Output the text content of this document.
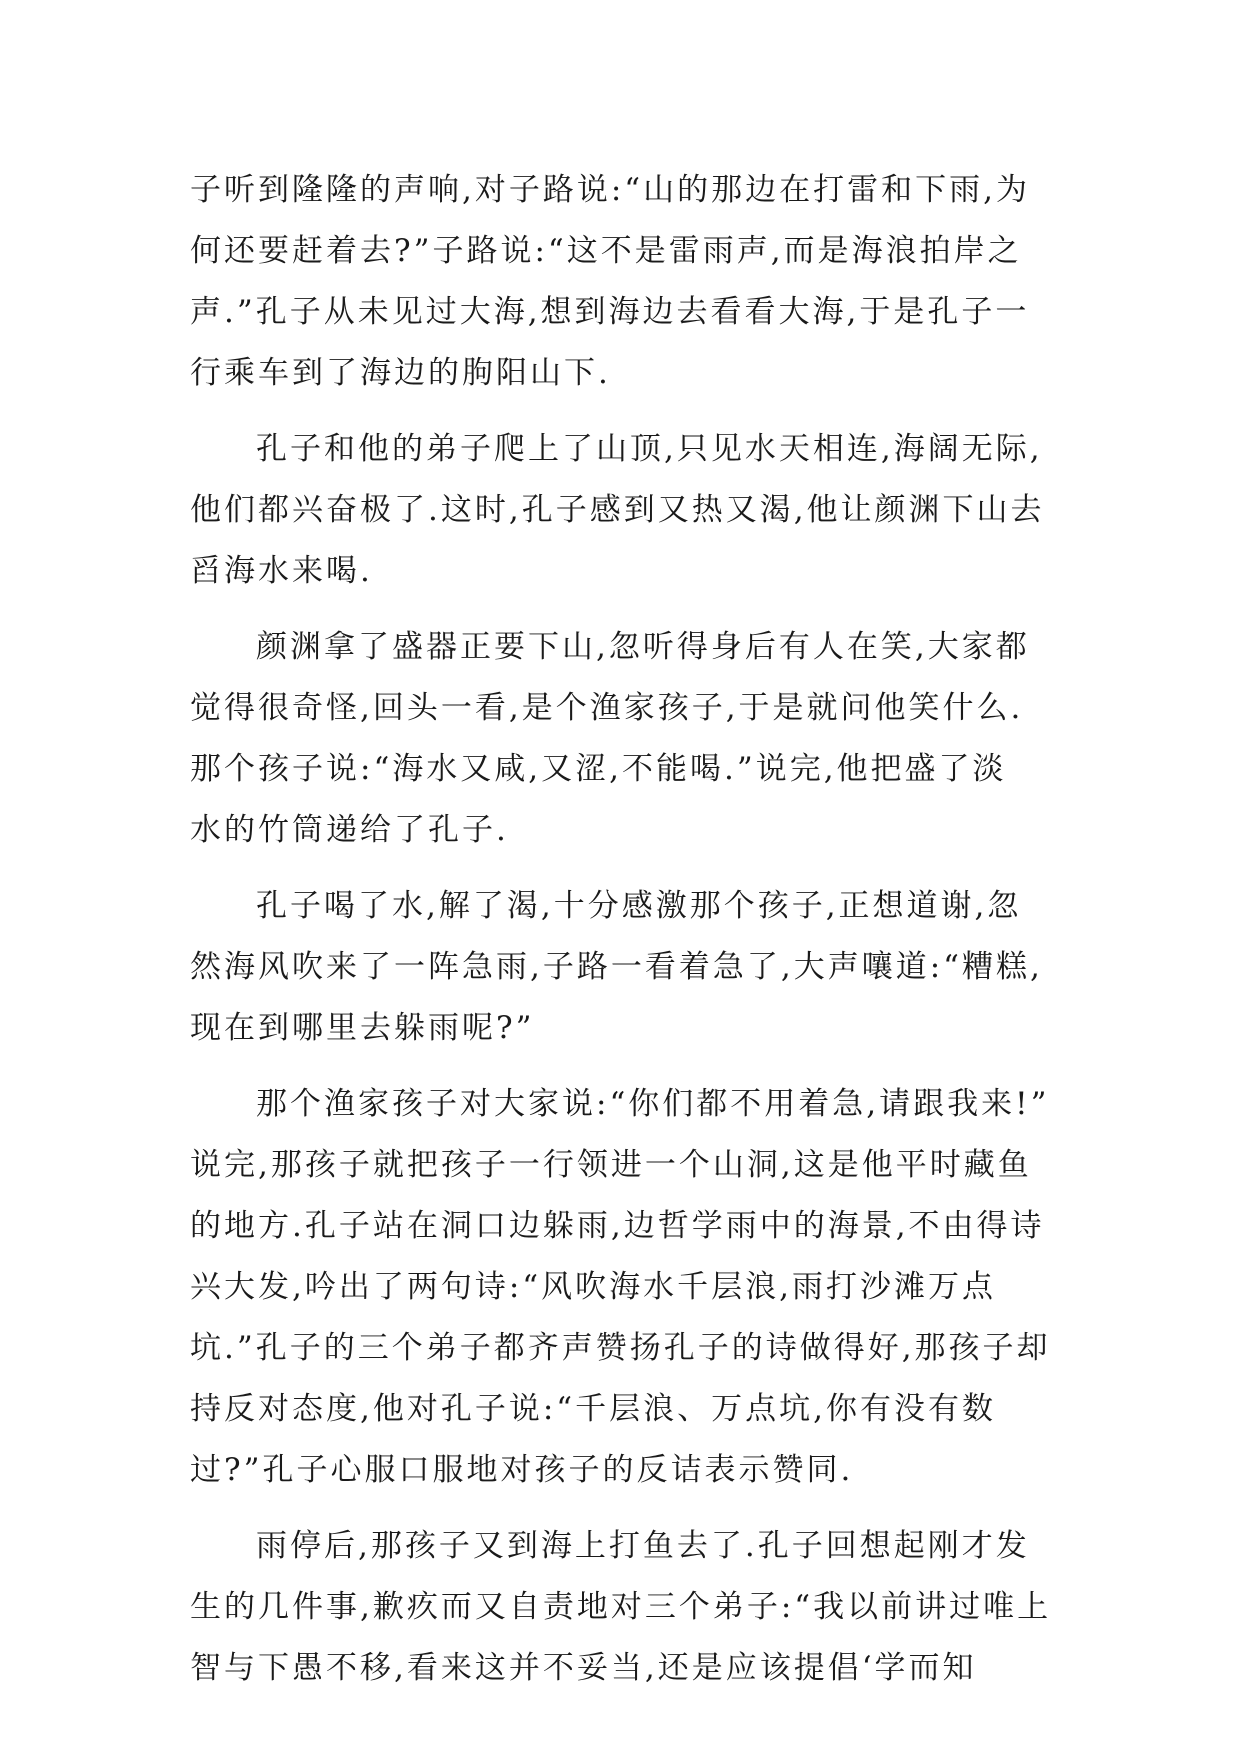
子听到隆隆的声响,对子路说:“山的那边在打雷和下雨,为
何还要赶着去?”子路说:“这不是雷雨声,而是海浪拍岸之
声.”孔子从未见过大海,想到海边去看看大海,于是孔子一
行乘车到了海边的朐阳山下.
孔子和他的弟子爬上了山顶,只见水天相连,海阔无际,
他们都兴奋极了.这时,孔子感到又热又渴,他让颜渊下山去
舀海水来喝.
颜渊拿了盛器正要下山,忽听得身后有人在笑,大家都
觉得很奇怪,回头一看,是个渔家孩子,于是就问他笑什么.
那个孩子说:“海水又咸,又涩,不能喝.”说完,他把盛了淡
水的竹筒递给了孔子.
孔子喝了水,解了渴,十分感激那个孩子,正想道谢,忽
然海风吹来了一阵急雨,子路一看着急了,大声嚷道:“糟糕,
现在到哪里去躲雨呢?”
那个渔家孩子对大家说:“你们都不用着急,请跟我来!”
说完,那孩子就把孩子一行领进一个山洞,这是他平时藏鱼
的地方.孔子站在洞口边躲雨,边哲学雨中的海景,不由得诗
兴大发,吟出了两句诗:“风吹海水千层浪,雨打沙滩万点
坑.”孔子的三个弟子都齐声赞扬孔子的诗做得好,那孩子却
持反对态度,他对孔子说:“千层浪、万点坑,你有没有数
过?”孔子心服口服地对孩子的反诘表示赞同.
雨停后,那孩子又到海上打鱼去了.孔子回想起刚才发
生的几件事,歉疚而又自责地对三个弟子:“我以前讲过唯上
智与下愚不移,看来这并不妥当,还是应该提倡‘学而知
